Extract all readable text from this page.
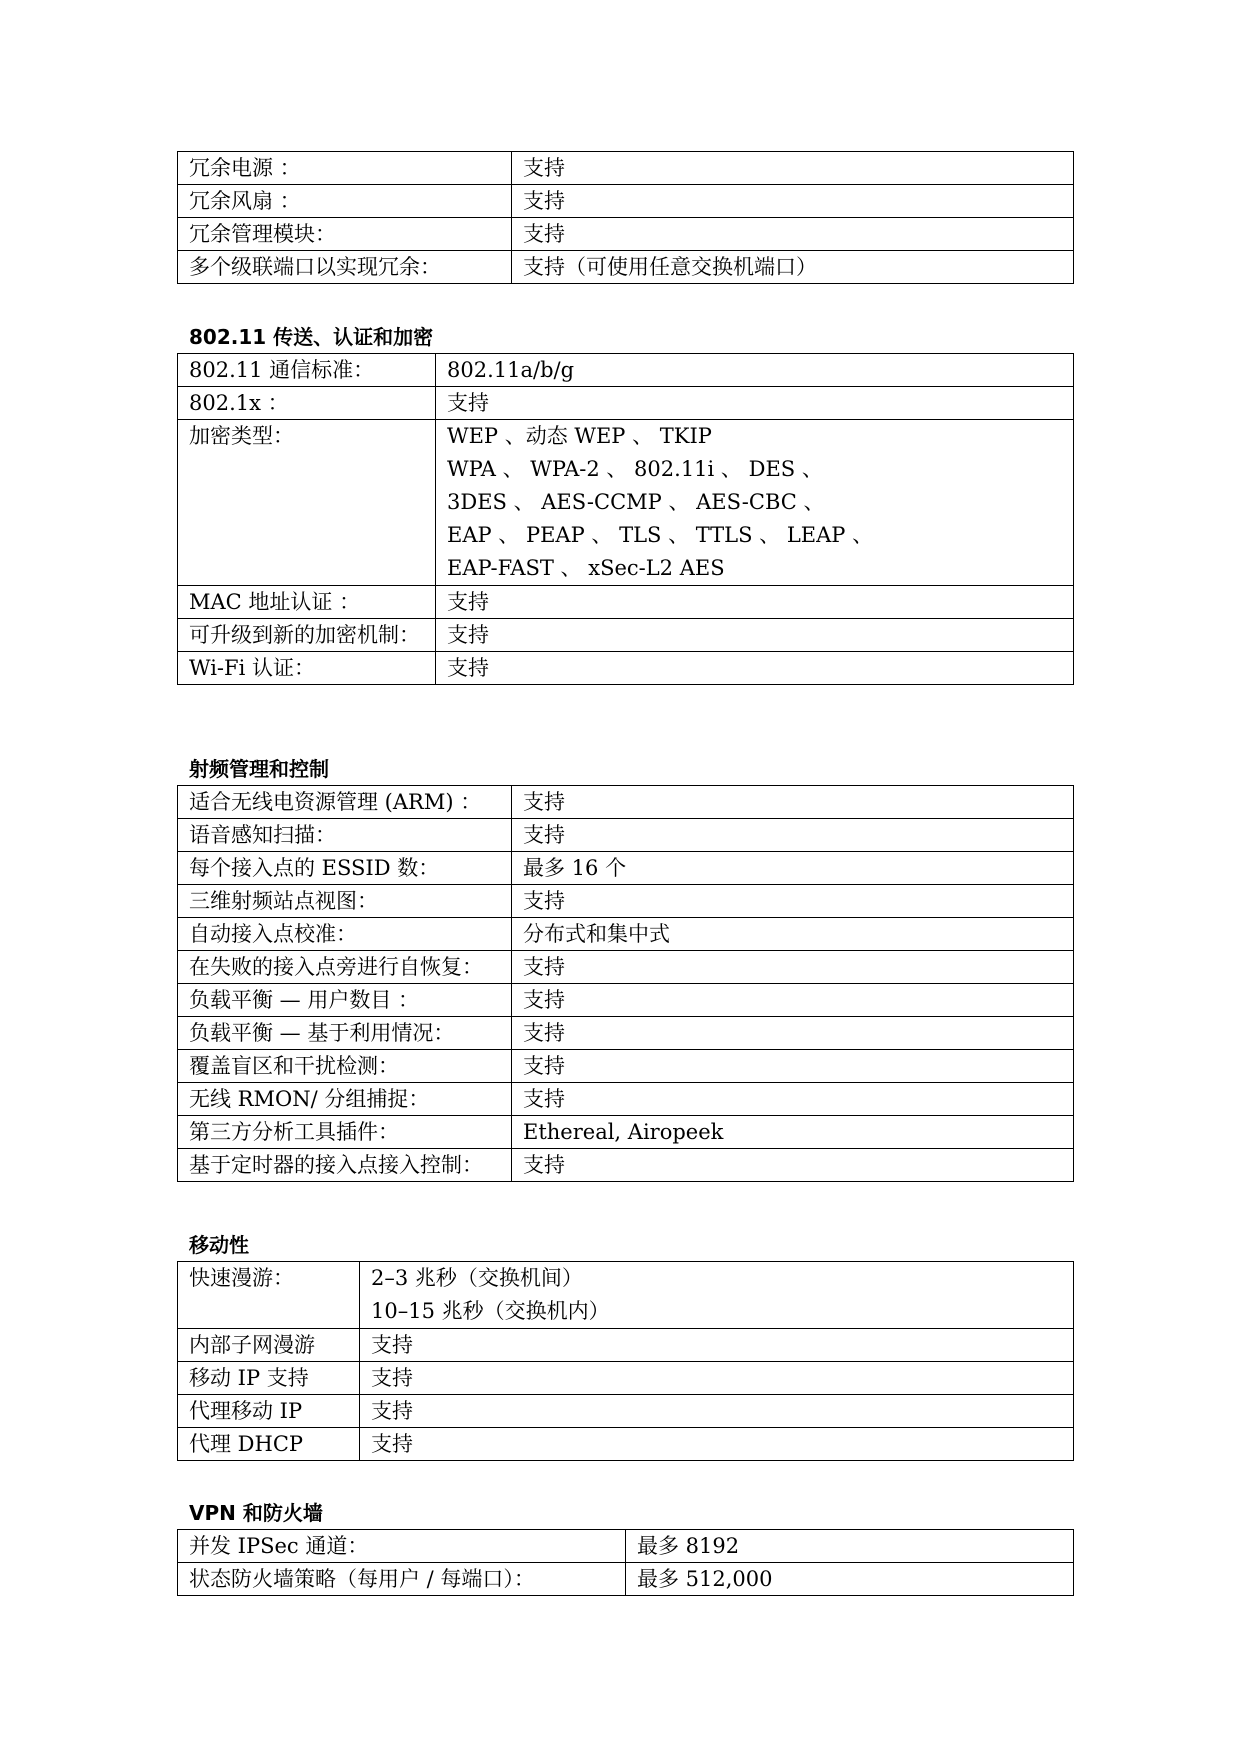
冗余电源 ：	支持
冗余风扇 ：	支持
冗余管理模块：	支持
多个级联端口以实现冗余：	支持（可使用任意交换机端口）
802.11 传送、认证和加密
802.11 通信标准：	802.11a/b/g
802.1x ：	支持
加密类型：	WEP 、动态 WEP 、 TKIP
WPA 、 WPA-2 、 802.11i 、 DES 、
3DES 、 AES-CCMP 、 AES-CBC 、
EAP 、 PEAP 、 TLS 、 TTLS 、 LEAP 、
EAP-FAST 、 xSec-L2 AES

MAC 地址认证 ：	支持
可升级到新的加密机制：	支持
Wi-Fi 认证：	支持
射频管理和控制
适合无线电资源管理 (ARM) ：	支持
语音感知扫描：	支持
每个接入点的 ESSID 数：	最多 16 个
三维射频站点视图：	支持
自动接入点校准：	分布式和集中式
在失败的接入点旁进行自恢复：	支持
负载平衡 — 用户数目 ：	支持
负载平衡 — 基于利用情况：	支持
覆盖盲区和干扰检测：	支持
无线 RMON/ 分组捕捉：	支持
第三方分析工具插件：	Ethereal, Airopeek
基于定时器的接入点接入控制：	支持
移动性
快速漫游：	2–3 兆秒（交换机间）
10–15 兆秒（交换机内）

内部子网漫游	支持
移动 IP 支持	支持
代理移动 IP	支持
代理 DHCP	支持
VPN 和防火墙
并发 IPSec 通道：	最多 8192
状态防火墙策略（每用户 / 每端口）：	最多 512,000
